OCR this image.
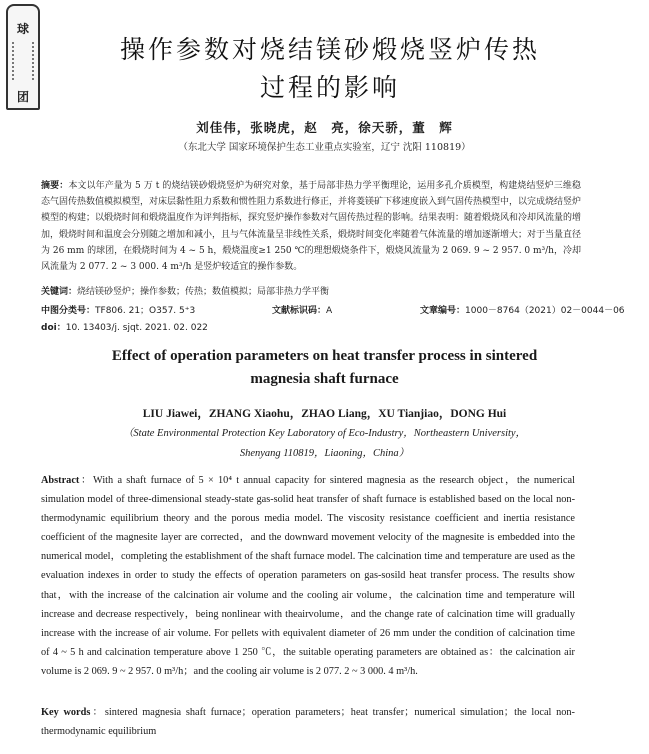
球
团
操作参数对烧结镁砂煅烧竖炉传热
过程的影响
刘佳伟，张晓虎，赵　亮，徐天骄，董　辉
（东北大学 国家环境保护生态工业重点实验室，辽宁 沈阳 110819）
摘要：本文以年产量为 5 万 t 的烧结镁砂煅烧竖炉为研究对象，基于局部非热力学平衡理论，运用多孔介质模型，构建烧结竖炉三维稳态气固传热数值模拟模型，对床层黏性阻力系数和惯性阻力系数进行修正，并将菱镁矿下移速度嵌入到气固传热模型中，以完成烧结竖炉模型的构建；以煅烧时间和煅烧温度作为评判指标，探究竖炉操作参数对气固传热过程的影响。结果表明：随着煅烧风和冷却风流量的增加，煅烧时间和温度会分别随之增加和减小，且与气体流量呈非线性关系，煅烧时间变化率随着气体流量的增加逐渐增大；对于当量直径为 26 mm 的球团，在煅烧时间为 4 ~ 5 h，煅烧温度≥1 250 ℃的理想煅烧条件下，煅烧风流量为 2 069. 9 ~ 2 957. 0 m³/h，冷却风流量为 2 077. 2 ~ 3 000. 4 m³/h 是竖炉较适宜的操作参数。
关键词：烧结镁砂竖炉；操作参数；传热；数值模拟；局部非热力学平衡
中图分类号：TF806. 21；O357. 5⁺3	文献标识码：A	文章编号：1000－8764（2021）02－0044－06
doi：10. 13403/j. sjqt. 2021. 02. 022
Effect of operation parameters on heat transfer process in sintered
magnesia shaft furnace
LIU Jiawei，ZHANG Xiaohu，ZHAO Liang，XU Tianjiao，DONG Hui
（State Environmental Protection Key Laboratory of Eco-Industry，Northeastern University，
Shenyang 110819，Liaoning，China）
Abstract：With a shaft furnace of 5 × 10⁴ t annual capacity for sintered magnesia as the research object，the numerical simulation model of three-dimensional steady-state gas-solid heat transfer of shaft furnace is established based on the local non-thermodynamic equilibrium theory and the porous media model. The viscosity resistance coefficient and inertia resistance coefficient of the magnesite layer are corrected，and the downward movement velocity of the magnesite is embedded into the numerical model，completing the establishment of the shaft furnace model. The calcination time and temperature are used as the evaluation indexes in order to study the effects of operation parameters on gas-sosild heat transfer process. The results show that，with the increase of the calcination air volume and the cooling air volume，the calcination time and temperature will increase and decrease respectively，being nonlinear with theairvolume，and the change rate of calcination time will gradually increase with the increase of air volume. For pellets with equivalent diameter of 26 mm under the condition of calcination time of 4 ~ 5 h and calcination temperature above 1 250 ℃，the suitable operating parameters are obtained as：the calcination air volume is 2 069. 9 ~ 2 957. 0 m³/h；and the cooling air volume is 2 077. 2 ~ 3 000. 4 m³/h.
Key words：sintered magnesia shaft furnace；operation parameters；heat transfer；numerical simulation；the local non-thermodynamic equilibrium
